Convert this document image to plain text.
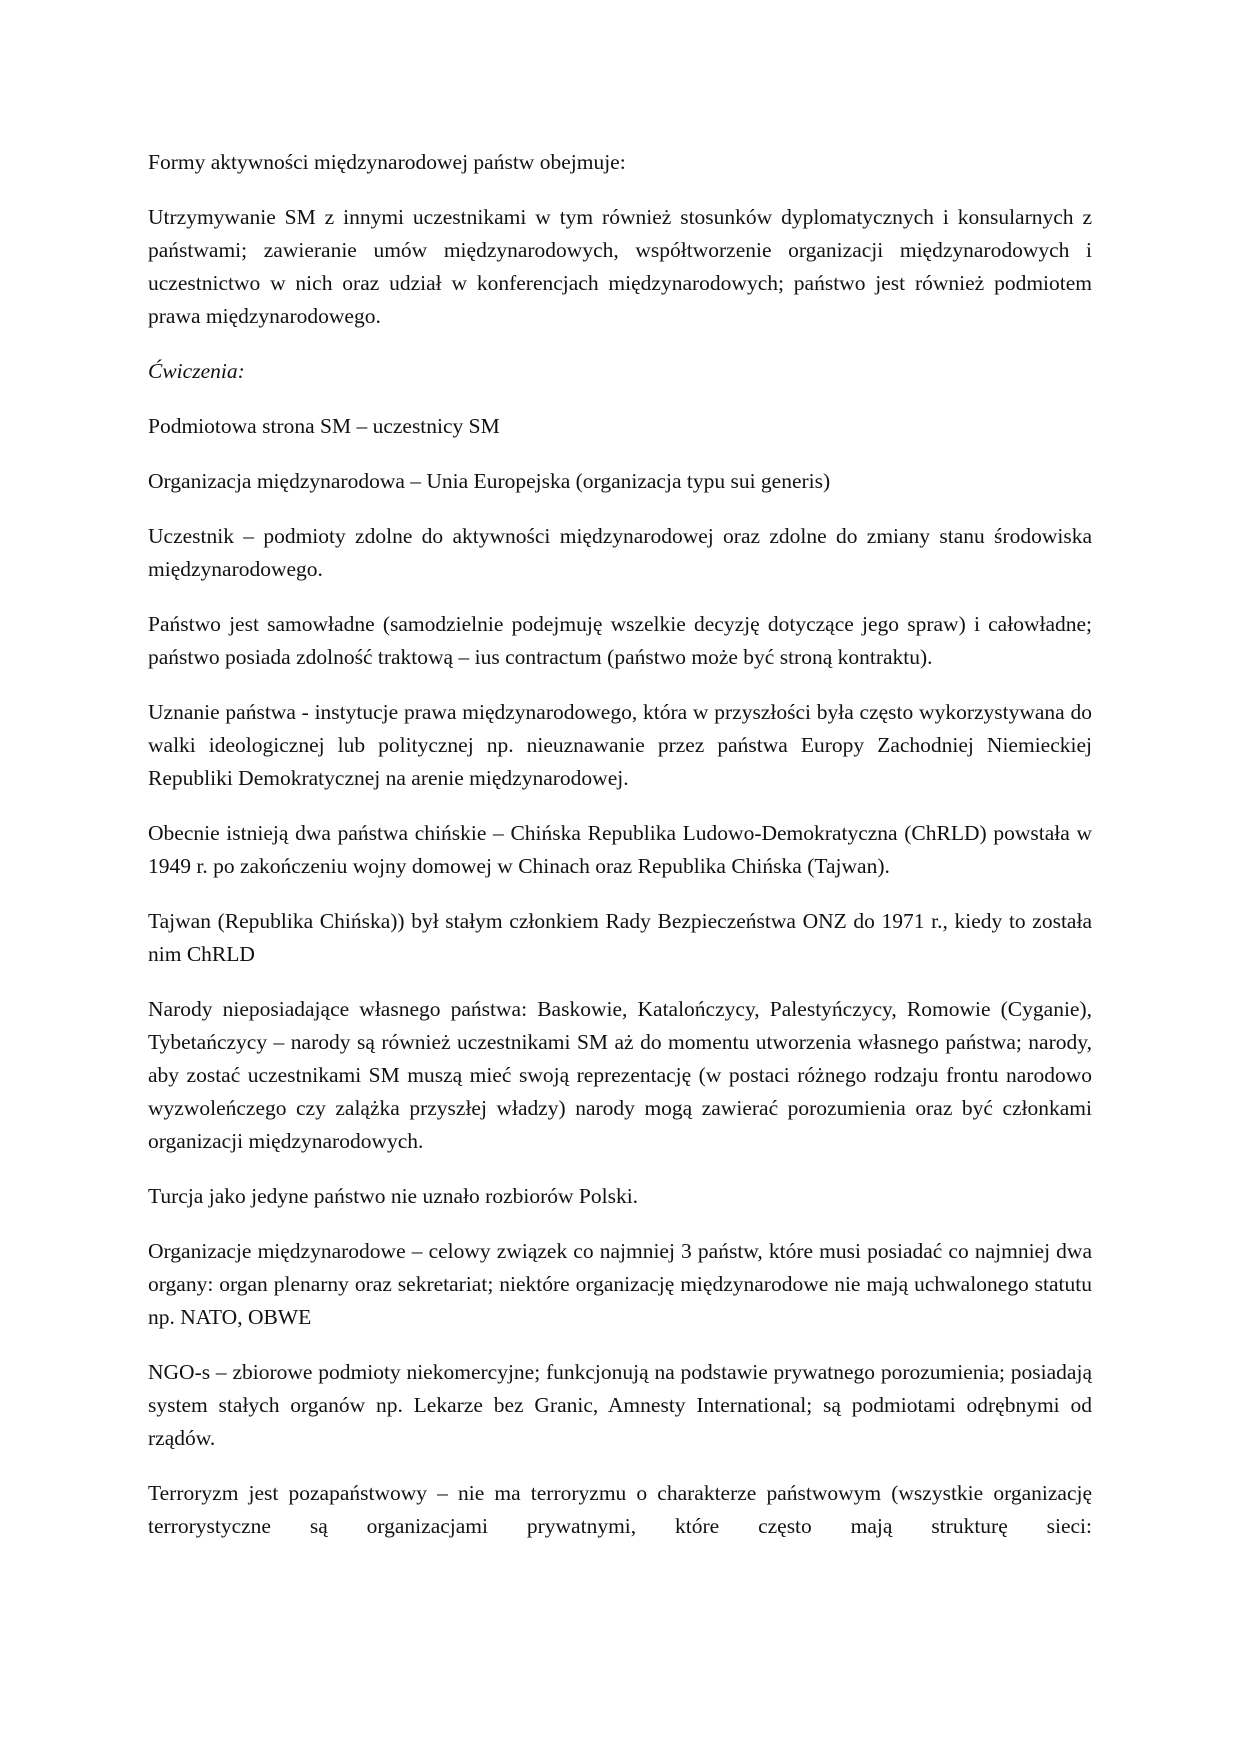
Formy aktywności międzynarodowej państw obejmuje:

Utrzymywanie SM z innymi uczestnikami w tym również stosunków dyplomatycznych i konsularnych z państwami; zawieranie umów międzynarodowych, współtworzenie organizacji międzynarodowych i uczestnictwo w nich oraz udział w konferencjach międzynarodowych; państwo jest również podmiotem prawa międzynarodowego.

Ćwiczenia:

Podmiotowa strona SM – uczestnicy SM

Organizacja międzynarodowa – Unia Europejska (organizacja typu sui generis)

Uczestnik – podmioty zdolne do aktywności międzynarodowej oraz zdolne do zmiany stanu środowiska międzynarodowego.

Państwo jest samowładne (samodzielnie podejmuję wszelkie decyzję dotyczące jego spraw) i całowładne; państwo posiada zdolność traktową – ius contractum (państwo może być stroną kontraktu).

Uznanie państwa - instytucje prawa międzynarodowego, która w przyszłości była często wykorzystywana do walki ideologicznej lub politycznej np. nieuznawanie przez państwa Europy Zachodniej Niemieckiej Republiki Demokratycznej na arenie międzynarodowej.

Obecnie istnieją dwa państwa chińskie – Chińska Republika Ludowo-Demokratyczna (ChRLD) powstała w 1949 r. po zakończeniu wojny domowej w Chinach oraz Republika Chińska (Tajwan).

Tajwan (Republika Chińska)) był stałym członkiem Rady Bezpieczeństwa ONZ do 1971 r., kiedy to została nim ChRLD

Narody nieposiadające własnego państwa: Baskowie, Katalończycy, Palestyńczycy, Romowie (Cyganie), Tybetańczycy – narody są również uczestnikami SM aż do momentu utworzenia własnego państwa; narody, aby zostać uczestnikami SM muszą mieć swoją reprezentację (w postaci różnego rodzaju frontu narodowo wyzwoleńczego czy zalążka przyszłej władzy) narody mogą zawierać porozumienia oraz być członkami organizacji międzynarodowych.

Turcja jako jedyne państwo nie uznało rozbiorów Polski.

Organizacje międzynarodowe – celowy związek co najmniej 3 państw, które musi posiadać co najmniej dwa organy: organ plenarny oraz sekretariat; niektóre organizację międzynarodowe nie mają uchwalonego statutu np. NATO, OBWE

NGO-s – zbiorowe podmioty niekomercyjne; funkcjonują na podstawie prywatnego porozumienia; posiadają system stałych organów np. Lekarze bez Granic, Amnesty International; są podmiotami odrębnymi od rządów.

Terroryzm jest pozapaństwowy – nie ma terroryzmu o charakterze państwowym (wszystkie organizację terrorystyczne są organizacjami prywatnymi, które często mają strukturę sieci:
